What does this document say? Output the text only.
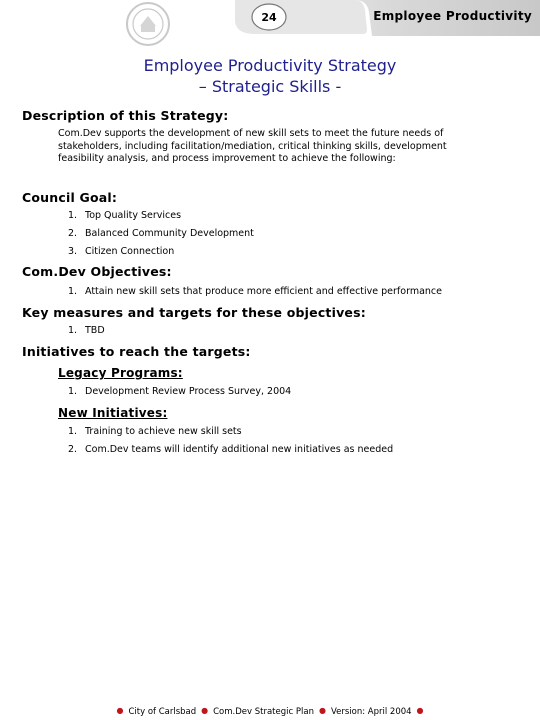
24	Employee Productivity
Employee Productivity Strategy
– Strategic Skills -
Description of this Strategy:
Com.Dev supports the development of new skill sets to meet the future needs of stakeholders, including facilitation/mediation, critical thinking skills, development feasibility analysis, and process improvement to achieve the following:
Council Goal:
1. Top Quality Services
2. Balanced Community Development
3. Citizen Connection
Com.Dev Objectives:
1. Attain new skill sets that produce more efficient and effective performance
Key measures and targets for these objectives:
1. TBD
Initiatives to reach the targets:
Legacy Programs:
1. Development Review Process Survey, 2004
New Initiatives:
1. Training to achieve new skill sets
2. Com.Dev teams will identify additional new initiatives as needed
● City of Carlsbad ● Com.Dev Strategic Plan ● Version: April 2004 ●
